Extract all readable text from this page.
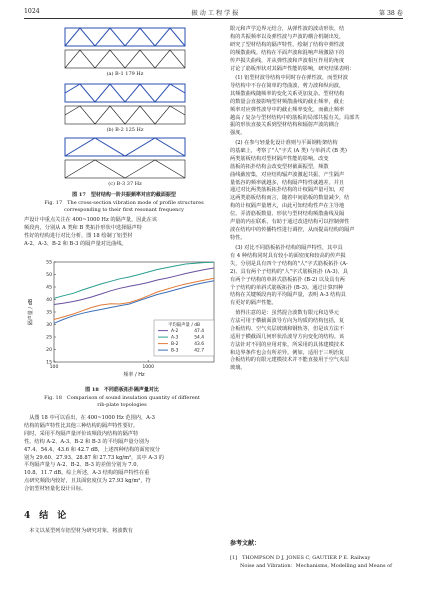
1024	振 动 工 程 学 报	第 38 卷
(a) B-1 179 Hz
(b) B-2 125 Hz
(c) B-3 37 Hz
图 17　型材结构一阶共振频率对应的截面振型
Fig. 17　The cross-section vibration mode of profile structures
corresponding to their first resonant frequency
声设计中重点关注在 400~1000 Hz 的隔声量，因此在该
频段内，分别从 A 类和 B 类拓扑形状中选择隔声特
性好的结构进行对比分析，图 18 绘制了铝型材
A-2、A-3、B-2 和 B-3 的隔声量对比曲线。
15
20
25
30
35
40
45
50
55
100	1000
频率 / Hz
隔声量 / dB
平均隔声量 / dB
A-2	47.4
A-3	54.4
B-2	43.6
B-3	42.7
图 18　不同筋板拓扑隔声量对比
Fig. 18　Comparison of sound insulation quantity of different
rib-plate topologies
　从图 18 中可以看出，在 400~1000 Hz 范围内，A-3
结构的隔声特性比其他三种结构的隔声特性要好。
同时，采用平均隔声量评价该频段内结构的隔声特
性。结构 A-2、A-3、B-2 和 B-3 的平均隔声量分别为
47.4、54.4、43.6 和 42.7 dB，上述四种结构的面密度分
别为 29.60、27.93、28.87 和 27.73 kg/m²，其中 A-3 的
平均隔声量与 A-2、B-2、B-3 的差值分别为 7.0、
10.8、11.7 dB。综上所述，A-3 结构的隔声特性在重
点研究频段内较好，且其面密度仅为 27.93 kg/m²，符
合铝型材轻量化设计目标。
4　结　论
　本文以某型列车铝型材为研究对象，将波数有
限元和声学边界元结合，从弹性波的波动形状、结
构的共振频率以及弹性波与声波的耦合机制出发，
研究了型材结构的隔声特性，绘制了结构中弹性波
的频散曲线。结构在平面声波和混响声场激励下的
传声损失曲线，并从弹性波和声波相互作用的角度
讨论了筋板形状对其隔声性能的影响，研究结果表明：
　(1) 铝型材波导结构中同时存在弹性波，而型材波
导结构中不存在简单的弯曲波、剪力波和纵向波，
其频散曲线随频率的变化关系更加复杂。型材结构
的数量会直接影响型材频散曲线的截止频率，截止
频率对应弹性波导中的截止频率变化，而截止频率
越高 / 复杂与型材结构中的筋板的局部共振有关。局部共
振的形状直接关系到型材结构和辐射声波的耦合
强度。
　(2) 在参与轻量化设计准则与平面钢桁架结构
的基础上，考察了"人"字式 (A 类) 与单斜式 (B 类)
两类筋板结构对型材隔声性能的影响。改变
筋板的拓扑结构会改变型材截面振型，频散
曲线截密集，对应结构辐声波激起共振，产生隔声
量低谷的频率就越多，结构隔声特性就越差。并且
通过对比两类筋板拓扑结构的计权隔声量可知，对
这两类筋板结构而言，随着中间筋板的数量减少，结
构的计权隔声量增大，由此可知结构性声在主导地
位。弄清筋板数量、形状与型材结构频散曲线及隔
声量的内在联系，有助于通过改进结构可以控制弹性
波在结构中的传播特性进行调控，从而提高结构的隔声
特性。
　(3) 对比不同筋板拓扑结构的隔声特性，其中具
有 4 种结构同时具有较小的面密度和较高的传声损
失，分别是具有四个子结构的"人"字式筋板拓扑 (A-
2)、具有两个子结构的"人"字式筋板拓扑 (A-3)、具
有两个子结构的单斜式筋板拓扑 (B-2) 以及具有两
个子结构的单斜式筋板拓扑 (B-3)。通过计算四种
结构在关键频段内的平均隔声量，表明 A-3 结构具
有更好的隔声性能。
　值得注意的是：虽然混合波数有限元和边界元
方法可用于横截面波导方向为均质的结构包括，复
合板结构、空气夹层玻璃和钢轨等，但是该方法不
适用于横截面几何形状沿波导方向变化的结构。该
方法针对不同的应用对象，所采用的具体建模技术
和边界条件也会有所差异。例如，适用于三明治复
合板结构的有限元建模技术并不能直接用于空气夹层
玻璃。
参考文献：
[1]　THOMPSON D J, JONES C, GAUTIER P E. Railway
　　Noise and Vibration：Mechanisms, Modelling and Means of
